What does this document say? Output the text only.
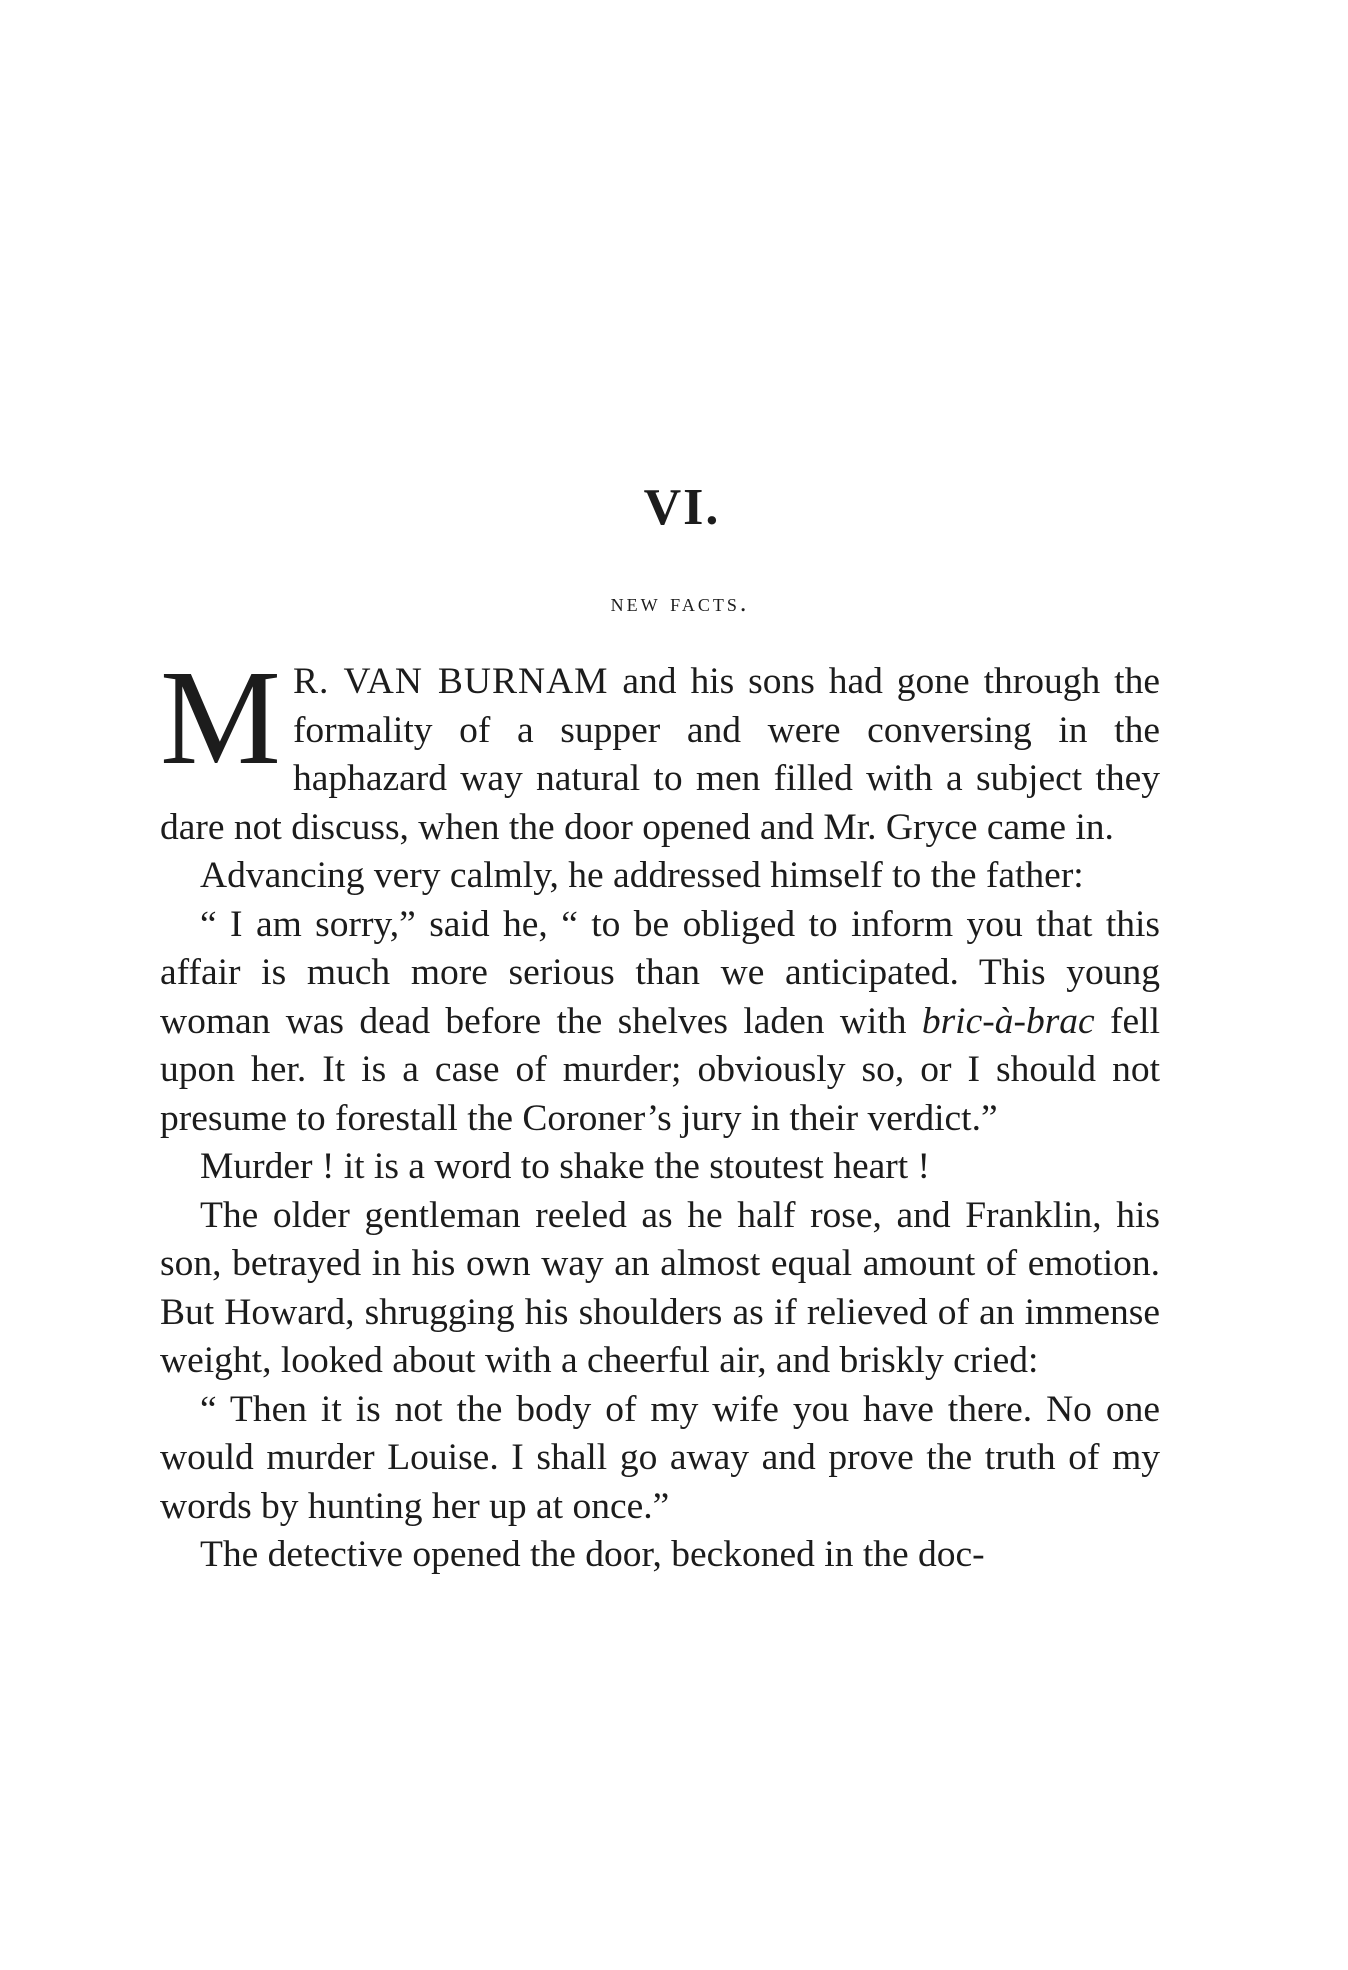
VI.
new facts.

M R. VAN BURNAM and his sons had gone through the formality of a supper and were conversing in the haphazard way natural to men filled with a subject they dare not discuss, when the door opened and Mr. Gryce came in.

Advancing very calmly, he addressed himself to the father:

“ I am sorry,” said he, “ to be obliged to inform you that this affair is much more serious than we anticipated. This young woman was dead before the shelves laden with bric-à-brac fell upon her. It is a case of murder; obviously so, or I should not presume to forestall the Coroner’s jury in their verdict.”

Murder ! it is a word to shake the stoutest heart !

The older gentleman reeled as he half rose, and Franklin, his son, betrayed in his own way an almost equal amount of emotion. But Howard, shrugging his shoulders as if relieved of an immense weight, looked about with a cheerful air, and briskly cried:

“ Then it is not the body of my wife you have there. No one would murder Louise. I shall go away and prove the truth of my words by hunting her up at once.”

The detective opened the door, beckoned in the doc-
